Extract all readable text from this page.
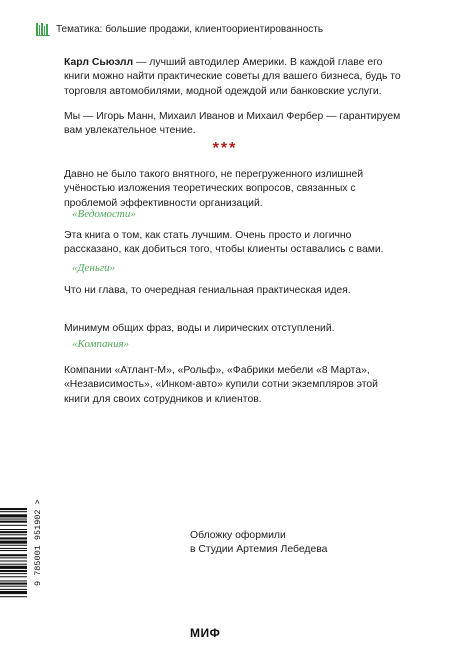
Тематика: большие продажи, клиентоориентированность
Карл Сьюэлл — лучший автодилер Америки. В каждой главе его книги можно найти практические советы для вашего бизнеса, будь то торговля автомобилями, модной одеждой или банковские услуги.
Мы — Игорь Манн, Михаил Иванов и Михаил Фербер — гарантируем вам увлекательное чтение.
***
Давно не было такого внятного, не перегруженного излишней учёностью изложения теоретических вопросов, связанных с проблемой эффективности организаций.
«Ведомости»
Эта книга о том, как стать лучшим. Очень просто и логично рассказано, как добиться того, чтобы клиенты оставались с вами.
«Деньги»
Что ни глава, то очередная гениальная практическая идея.
Минимум общих фраз, воды и лирических отступлений.
«Компания»
Компании «Атлант-М», «Рольф», «Фабрики мебели «8 Марта», «Независимость», «Инком-авто» купили сотни экземпляров этой книги для своих сотрудников и клиентов.
9 785001 951902 >	Обложку оформили
в Студии Артемия Лебедева
МИФ
